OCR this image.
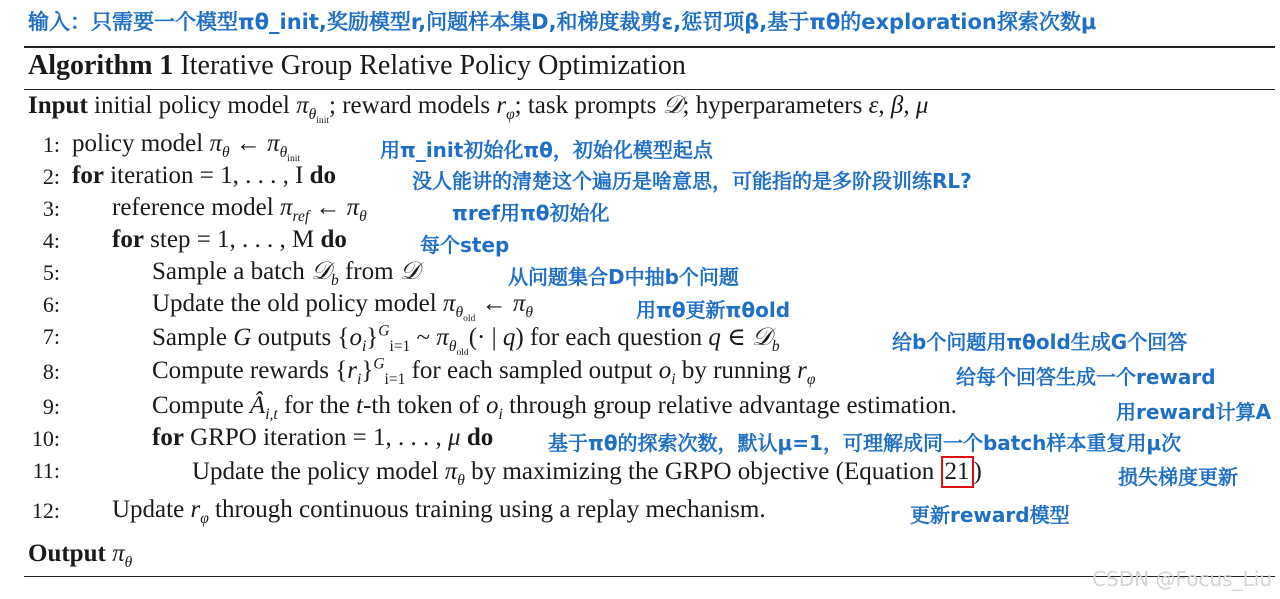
输入：只需要一个模型πθ_init,奖励模型r,问题样本集D,和梯度裁剪ε,惩罚项β,基于πθ的exploration探索次数μ
Algorithm 1 Iterative Group Relative Policy Optimization
Input initial policy model $\pi_{\theta_{init}}$; reward models $r_\varphi$; task prompts 𝒟; hyperparameters ε, β, μ
1: policy model $\pi_\theta$ ← $\pi_{\theta_{init}}$	用π_init初始化πθ，初始化模型起点
2: for iteration = 1, . . . , I do	没人能讲的清楚这个遍历是啥意思，可能指的是多阶段训练RL?
3: reference model $\pi_{ref}$ ← $\pi_\theta$	πref用πθ初始化
4: for step = 1, . . . , M do	每个step
5:	Sample a batch 𝒟$_b$ from 𝒟	从问题集合D中抽b个问题
6:	Update the old policy model $\pi_{\theta_{old}}$ ← $\pi_\theta$	用πθ更新πθold
7:	Sample G outputs $\{o_i\}^G_{i=1}$ ~ $\pi_{\theta_{old}}(\cdot$ | q) for each question q ∈ 𝒟$_b$	给b个问题用πθold生成G个回答
8:	Compute rewards $\{r_i\}^G_{i=1}$ for each sampled output $o_i$ by running $r_\varphi$	给每个回答生成一个reward
9:	Compute $Â_{i,t}$ for the t-th token of $o_i$ through group relative advantage estimation.	用reward计算A
10:	for GRPO iteration = 1, . . . , μ do	基于πθ的探索次数，默认μ=1，可理解成同一个batch样本重复用μ次
11:	Update the policy model $\pi_\theta$ by maximizing the GRPO objective (Equation 21 )	损失梯度更新
12: Update $r_\varphi$ through continuous training using a replay mechanism.	更新reward模型
Output $\pi_\theta$
CSDN @Focus_Liu
